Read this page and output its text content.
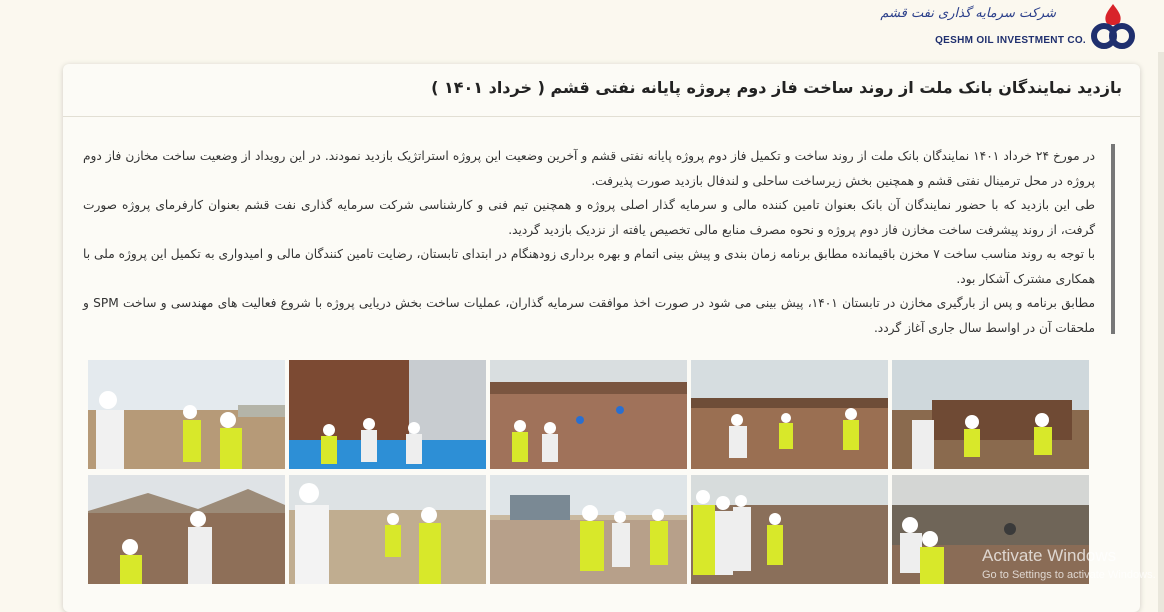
شرکت سرمایه گذاری نفت قشم
QESHM OIL INVESTMENT CO.
بازدید نمایندگان بانک ملت از روند ساخت فاز دوم پروژه پایانه نفتی قشم ( خرداد ۱۴۰۱ )

در مورخ ۲۴ خرداد ۱۴۰۱ نمایندگان بانک ملت از روند ساخت و تکمیل فاز دوم پروژه پایانه نفتی قشم و آخرین وضعیت این پروژه استراتژیک بازدید نمودند. در این رویداد از وضعیت ساخت مخازن فاز دوم پروژه در محل ترمینال نفتی قشم و همچنین بخش زیرساخت ساحلی و لندفال بازدید صورت پذیرفت.

طی این بازدید که با حضور نمایندگان آن بانک بعنوان تامین کننده مالی و سرمایه گذار اصلی پروژه و همچنین تیم فنی و کارشناسی شرکت سرمایه گذاری نفت قشم بعنوان کارفرمای پروژه صورت گرفت، از روند پیشرفت ساخت مخازن فاز دوم پروژه و نحوه مصرف منابع مالی تخصیص یافته از نزدیک بازدید گردید.

با توجه به روند مناسب ساخت ۷ مخزن باقیمانده مطابق برنامه زمان بندی و پیش بینی اتمام و بهره برداری زودهنگام در ابتدای تابستان، رضایت تامین کنندگان مالی و امیدواری به تکمیل این پروژه ملی با همکاری مشترک آشکار بود.

مطابق برنامه و پس از بارگیری مخازن در تابستان ۱۴۰۱، پیش بینی می شود در صورت اخذ موافقت سرمایه گذاران، عملیات ساخت بخش دریایی پروژه با شروع فعالیت های مهندسی و ساخت SPM و ملحقات آن در اواسط سال جاری آغاز گردد.

Activate Windows
Go to Settings to activate Windows.
